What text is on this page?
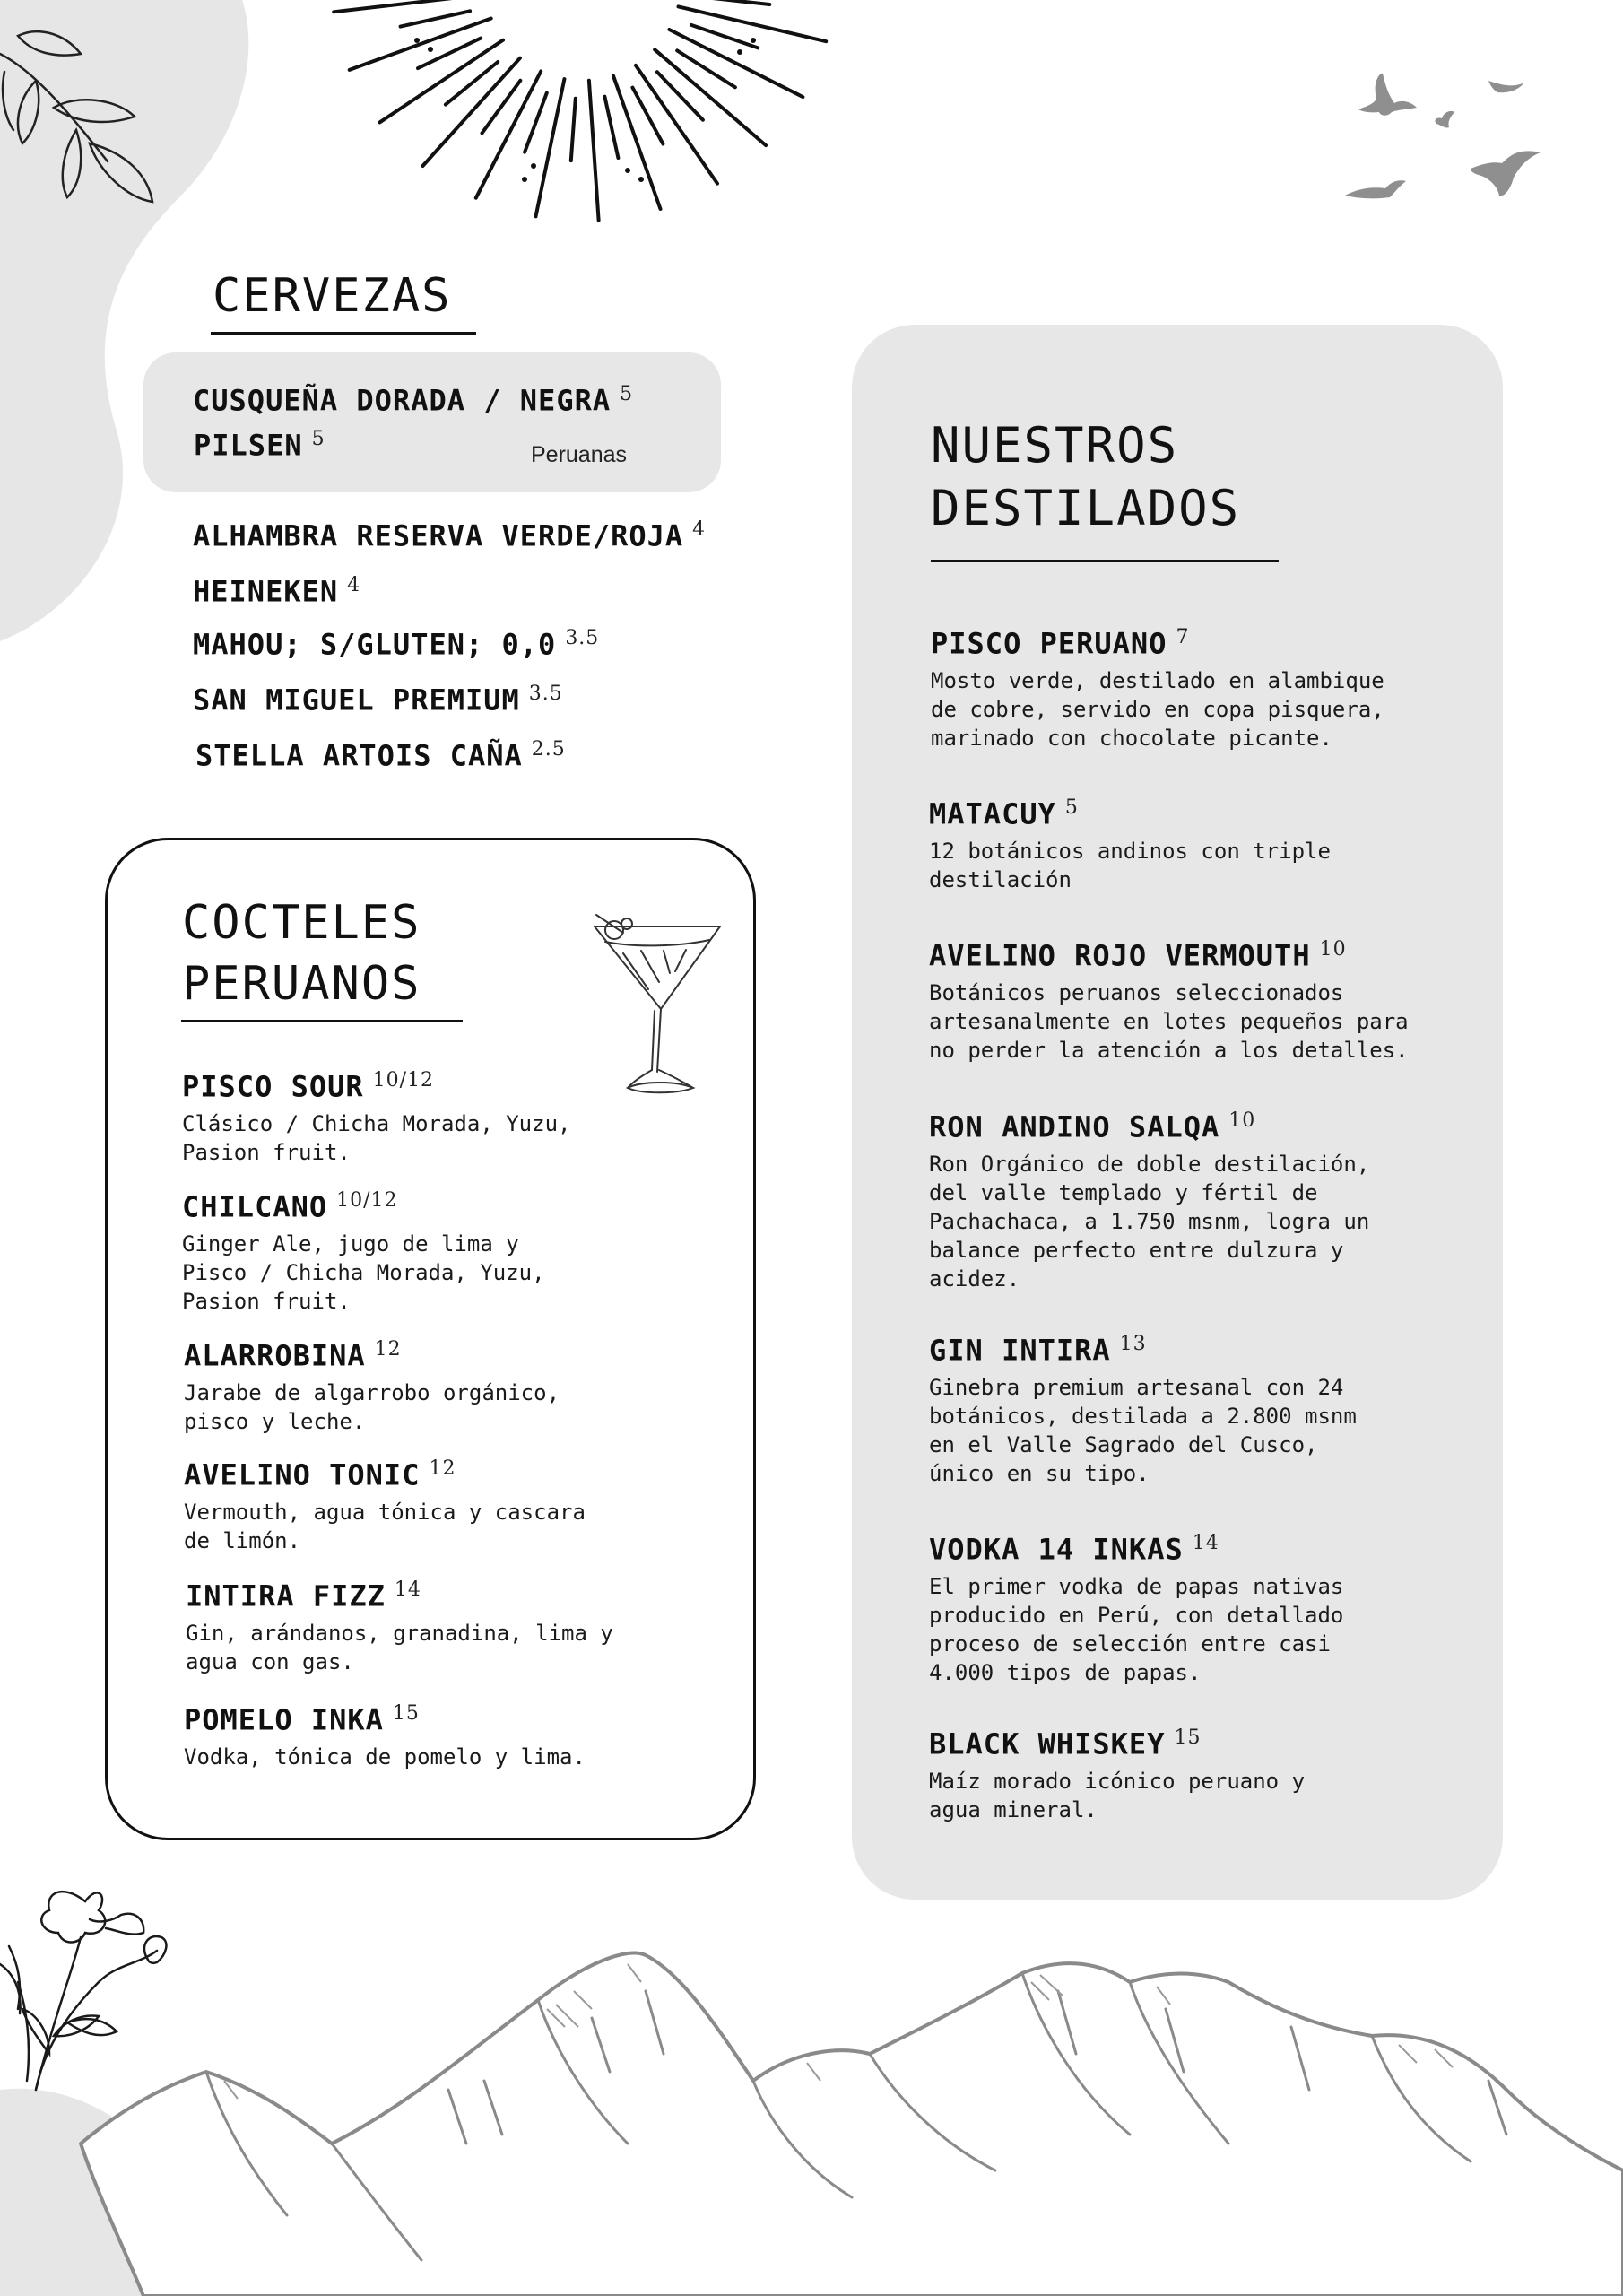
CERVEZAS
CUSQUEÑA DORADA / NEGRA $^5$
PILSEN $^5$
Peruanas
ALHAMBRA RESERVA VERDE/ROJA $^4$
HEINEKEN $^4$
MAHOU; S/GLUTEN; 0,0 $^{3.5}$
SAN MIGUEL PREMIUM $^{3.5}$
STELLA ARTOIS CAÑA $^{2.5}$
COCTELES
PERUANOS
PISCO SOUR $^{10/12}$
Clásico / Chicha Morada, Yuzu,
Pasion fruit.
CHILCANO $^{10/12}$
Ginger Ale, jugo de lima y
Pisco / Chicha Morada, Yuzu,
Pasion fruit.
ALARROBINA $^{12}$
Jarabe de algarrobo orgánico,
pisco y leche.
AVELINO TONIC $^{12}$
Vermouth, agua tónica y cascara
de limón.
INTIRA FIZZ $^{14}$
Gin, arándanos, granadina, lima y
agua con gas.
POMELO INKA $^{15}$
Vodka, tónica de pomelo y lima.
NUESTROS
DESTILADOS
PISCO PERUANO $^7$
Mosto verde, destilado en alambique
de cobre, servido en copa pisquera,
marinado con chocolate picante.
MATACUY $^5$
12 botánicos andinos con triple
destilación
AVELINO ROJO VERMOUTH $^{10}$
Botánicos peruanos seleccionados
artesanalmente en lotes pequeños para
no perder la atención a los detalles.
RON ANDINO SALQA $^{10}$
Ron Orgánico de doble destilación,
del valle templado y fértil de
Pachachaca, a 1.750 msnm, logra un
balance perfecto entre dulzura y
acidez.
GIN INTIRA $^{13}$
Ginebra premium artesanal con 24
botánicos, destilada a 2.800 msnm
en el Valle Sagrado del Cusco,
único en su tipo.
VODKA 14 INKAS $^{14}$
El primer vodka de papas nativas
producido en Perú, con detallado
proceso de selección entre casi
4.000 tipos de papas.
BLACK WHISKEY $^{15}$
Maíz morado icónico peruano y
agua mineral.
